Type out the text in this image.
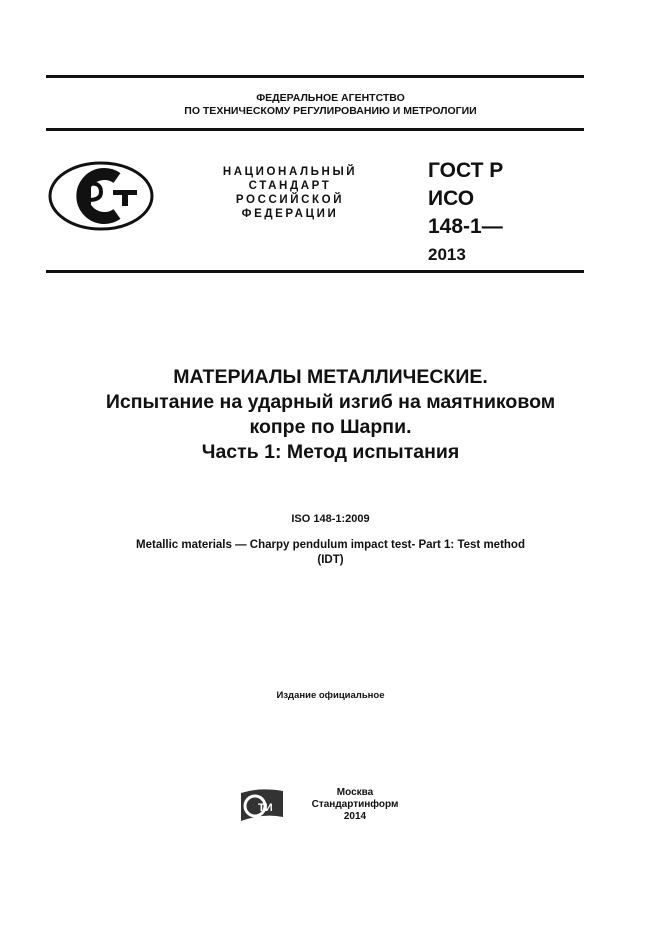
ФЕДЕРАЛЬНОЕ АГЕНТСТВО
ПО ТЕХНИЧЕСКОМУ РЕГУЛИРОВАНИЮ И МЕТРОЛОГИИ
НАЦИОНАЛЬНЫЙ
СТАНДАРТ
РОССИЙСКОЙ
ФЕДЕРАЦИИ
ГОСТ Р
ИСО
148-1—
2013
МАТЕРИАЛЫ МЕТАЛЛИЧЕСКИЕ.
Испытание на ударный изгиб на маятниковом
копре по Шарпи.
Часть 1: Метод испытания
ISO 148-1:2009
Metallic materials — Charpy pendulum impact test- Part 1: Test method
(IDT)
Издание официальное
ТИ
Москва
Стандартинформ
2014
